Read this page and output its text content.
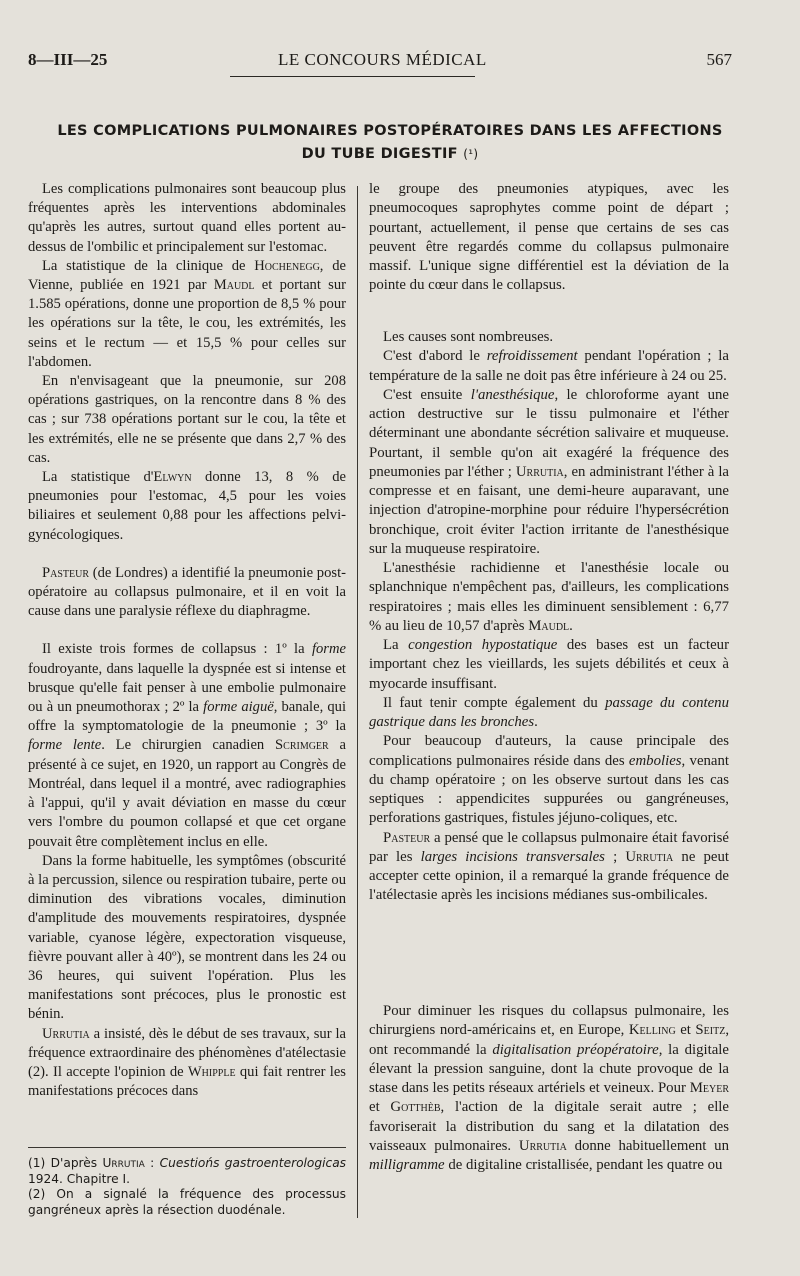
8—III—25	LE CONCOURS MÉDICAL	567
LES COMPLICATIONS PULMONAIRES POSTOPÉRATOIRES DANS LES AFFECTIONS
DU TUBE DIGESTIF $^{(^1)}$

Les complications pulmonaires sont beaucoup plus fréquentes après les interventions abdominales qu'après les autres, surtout quand elles portent au-dessus de l'ombilic et principalement sur l'estomac.

La statistique de la clinique de Hochenegg, de Vienne, publiée en 1921 par Maudl et portant sur 1.585 opérations, donne une proportion de 8,5 % pour les opérations sur la tête, le cou, les extrémités, les seins et le rectum — et 15,5 % pour celles sur l'abdomen.

En n'envisageant que la pneumonie, sur 208 opérations gastriques, on la rencontre dans 8 % des cas ; sur 738 opérations portant sur le cou, la tête et les extrémités, elle ne se présente que dans 2,7 % des cas.

La statistique d'Elwyn donne 13, 8 % de pneumonies pour l'estomac, 4,5 pour les voies biliaires et seulement 0,88 pour les affections pelvi-gynécologiques.

Pasteur (de Londres) a identifié la pneumonie post-opératoire au collapsus pulmonaire, et il en voit la cause dans une paralysie réflexe du diaphragme.

Il existe trois formes de collapsus : 1º la forme foudroyante, dans laquelle la dyspnée est si intense et brusque qu'elle fait penser à une embolie pulmonaire ou à un pneumothorax ; 2º la forme aiguë, banale, qui offre la symptomatologie de la pneumonie ; 3º la forme lente. Le chirurgien canadien Scrimger a présenté à ce sujet, en 1920, un rapport au Congrès de Montréal, dans lequel il a montré, avec radiographies à l'appui, qu'il y avait déviation en masse du cœur vers l'ombre du poumon collapsé et que cet organe pouvait être complètement inclus en elle.

Dans la forme habituelle, les symptômes (obscurité à la percussion, silence ou respiration tubaire, perte ou diminution des vibrations vocales, diminution d'amplitude des mouvements respiratoires, dyspnée variable, cyanose légère, expectoration visqueuse, fièvre pouvant aller à 40º), se montrent dans les 24 ou 36 heures, qui suivent l'opération. Plus les manifestations sont précoces, plus le pronostic est bénin.

Urrutia a insisté, dès le début de ses travaux, sur la fréquence extraordinaire des phénomènes d'atélectasie (2). Il accepte l'opinion de Whipple qui fait rentrer les manifestations précoces dans

le groupe des pneumonies atypiques, avec les pneumocoques saprophytes comme point de départ ; pourtant, actuellement, il pense que certains de ses cas peuvent être regardés comme du collapsus pulmonaire massif. L'unique signe différentiel est la déviation de la pointe du cœur dans le collapsus.

Les causes sont nombreuses.

C'est d'abord le refroidissement pendant l'opération ; la température de la salle ne doit pas être inférieure à 24 ou 25.

C'est ensuite l'anesthésique, le chloroforme ayant une action destructive sur le tissu pulmonaire et l'éther déterminant une abondante sécrétion salivaire et muqueuse. Pourtant, il semble qu'on ait exagéré la fréquence des pneumonies par l'éther ; Urrutia, en administrant l'éther à la compresse et en faisant, une demi-heure auparavant, une injection d'atropine-morphine pour réduire l'hypersécrétion bronchique, croit éviter l'action irritante de l'anesthésique sur la muqueuse respiratoire.

L'anesthésie rachidienne et l'anesthésie locale ou splanchnique n'empêchent pas, d'ailleurs, les complications respiratoires ; mais elles les diminuent sensiblement : 6,77 % au lieu de 10,57 d'après Maudl.

La congestion hypostatique des bases est un facteur important chez les vieillards, les sujets débilités et ceux à myocarde insuffisant.

Il faut tenir compte également du passage du contenu gastrique dans les bronches.

Pour beaucoup d'auteurs, la cause principale des complications pulmonaires réside dans des embolies, venant du champ opératoire ; on les observe surtout dans les cas septiques : appendicites suppurées ou gangréneuses, perforations gastriques, fistules jéjuno-coliques, etc.

Pasteur a pensé que le collapsus pulmonaire était favorisé par les larges incisions transversales ; Urrutia ne peut accepter cette opinion, il a remarqué la grande fréquence de l'atélectasie après les incisions médianes sus-ombilicales.

Pour diminuer les risques du collapsus pulmonaire, les chirurgiens nord-américains et, en Europe, Kelling et Seitz, ont recommandé la digitalisation préopératoire, la digitale élevant la pression sanguine, dont la chute provoque de la stase dans les petits réseaux artériels et veineux. Pour Meyer et Gotthèb, l'action de la digitale serait autre ; elle favoriserait la distribution du sang et la dilatation des vaisseaux pulmonaires. Urrutia donne habituellement un milligramme de digitaline cristallisée, pendant les quatre ou

(1) D'après Urrutia : Cuestiońs gastroenterologicas 1924. Chapitre I.

(2) On a signalé la fréquence des processus gangréneux après la résection duodénale.
